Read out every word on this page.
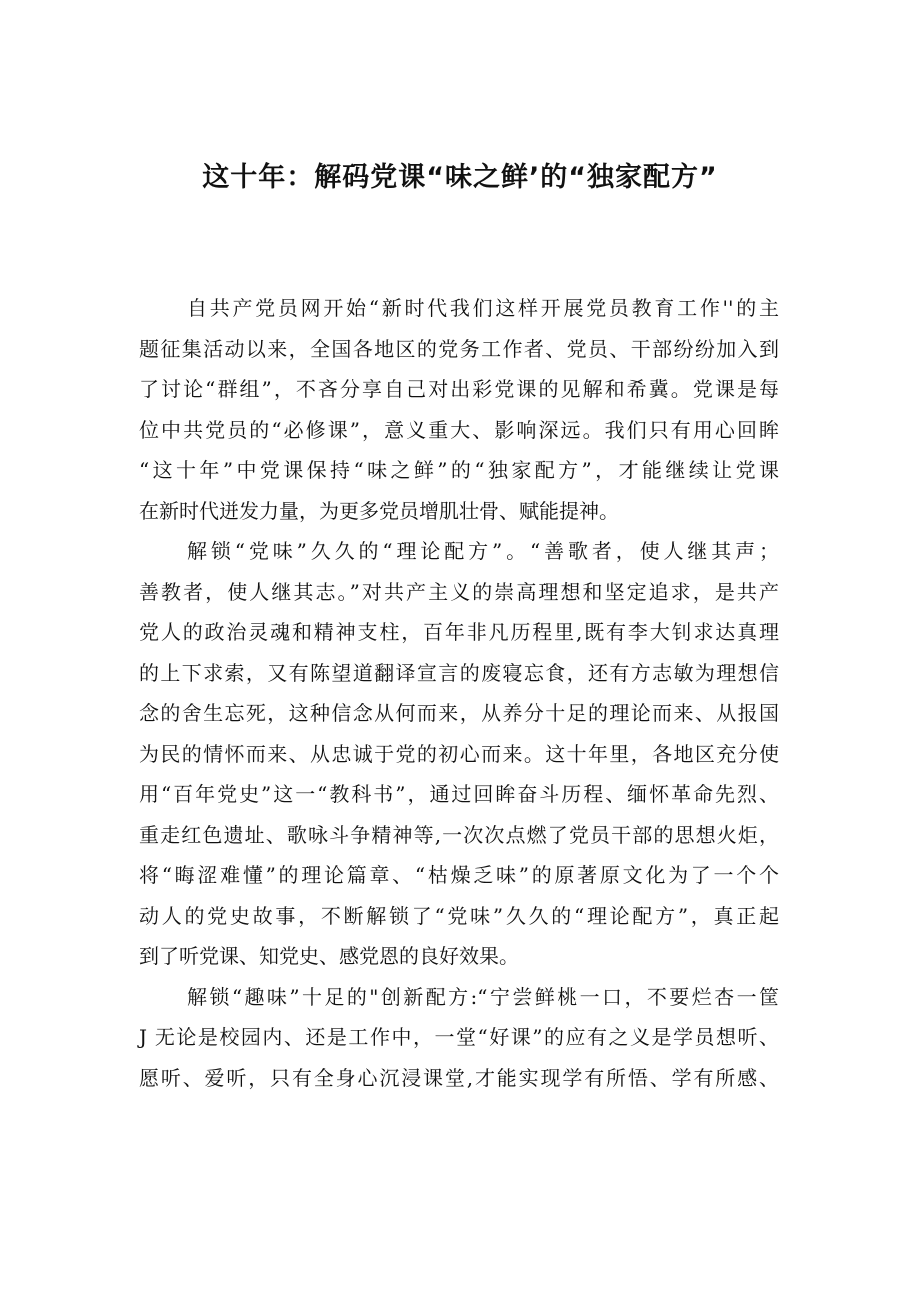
这十年：解码党课“味之鲜’的“独家配方”
自共产党员网开始“新时代我们这样开展党员教育工作''的主
题征集活动以来，全国各地区的党务工作者、党员、干部纷纷加入到
了讨论“群组”，不吝分享自己对出彩党课的见解和希冀。党课是每
位中共党员的“必修课”，意义重大、影响深远。我们只有用心回眸
“这十年”中党课保持“味之鲜”的“独家配方”，才能继续让党课
在新时代迸发力量，为更多党员增肌壮骨、赋能提神。
解锁“党味”久久的“理论配方”。“善歌者，使人继其声；
善教者，使人继其志。”对共产主义的崇高理想和坚定追求，是共产
党人的政治灵魂和精神支柱，百年非凡历程里,既有李大钊求达真理
的上下求索，又有陈望道翻译宣言的废寝忘食，还有方志敏为理想信
念的舍生忘死，这种信念从何而来，从养分十足的理论而来、从报国
为民的情怀而来、从忠诚于党的初心而来。这十年里，各地区充分使
用“百年党史”这一“教科书”，通过回眸奋斗历程、缅怀革命先烈、
重走红色遗址、歌咏斗争精神等,一次次点燃了党员干部的思想火炬，
将“晦涩难懂”的理论篇章、“枯燥乏味”的原著原文化为了一个个
动人的党史故事，不断解锁了“党味”久久的“理论配方”，真正起
到了听党课、知党史、感党恩的良好效果。
解锁“趣味”十足的"创新配方:“宁尝鲜桃一口，不要烂杏一筐
J 无论是校园内、还是工作中，一堂“好课”的应有之义是学员想听、
愿听、爱听，只有全身心沉浸课堂,才能实现学有所悟、学有所感、
